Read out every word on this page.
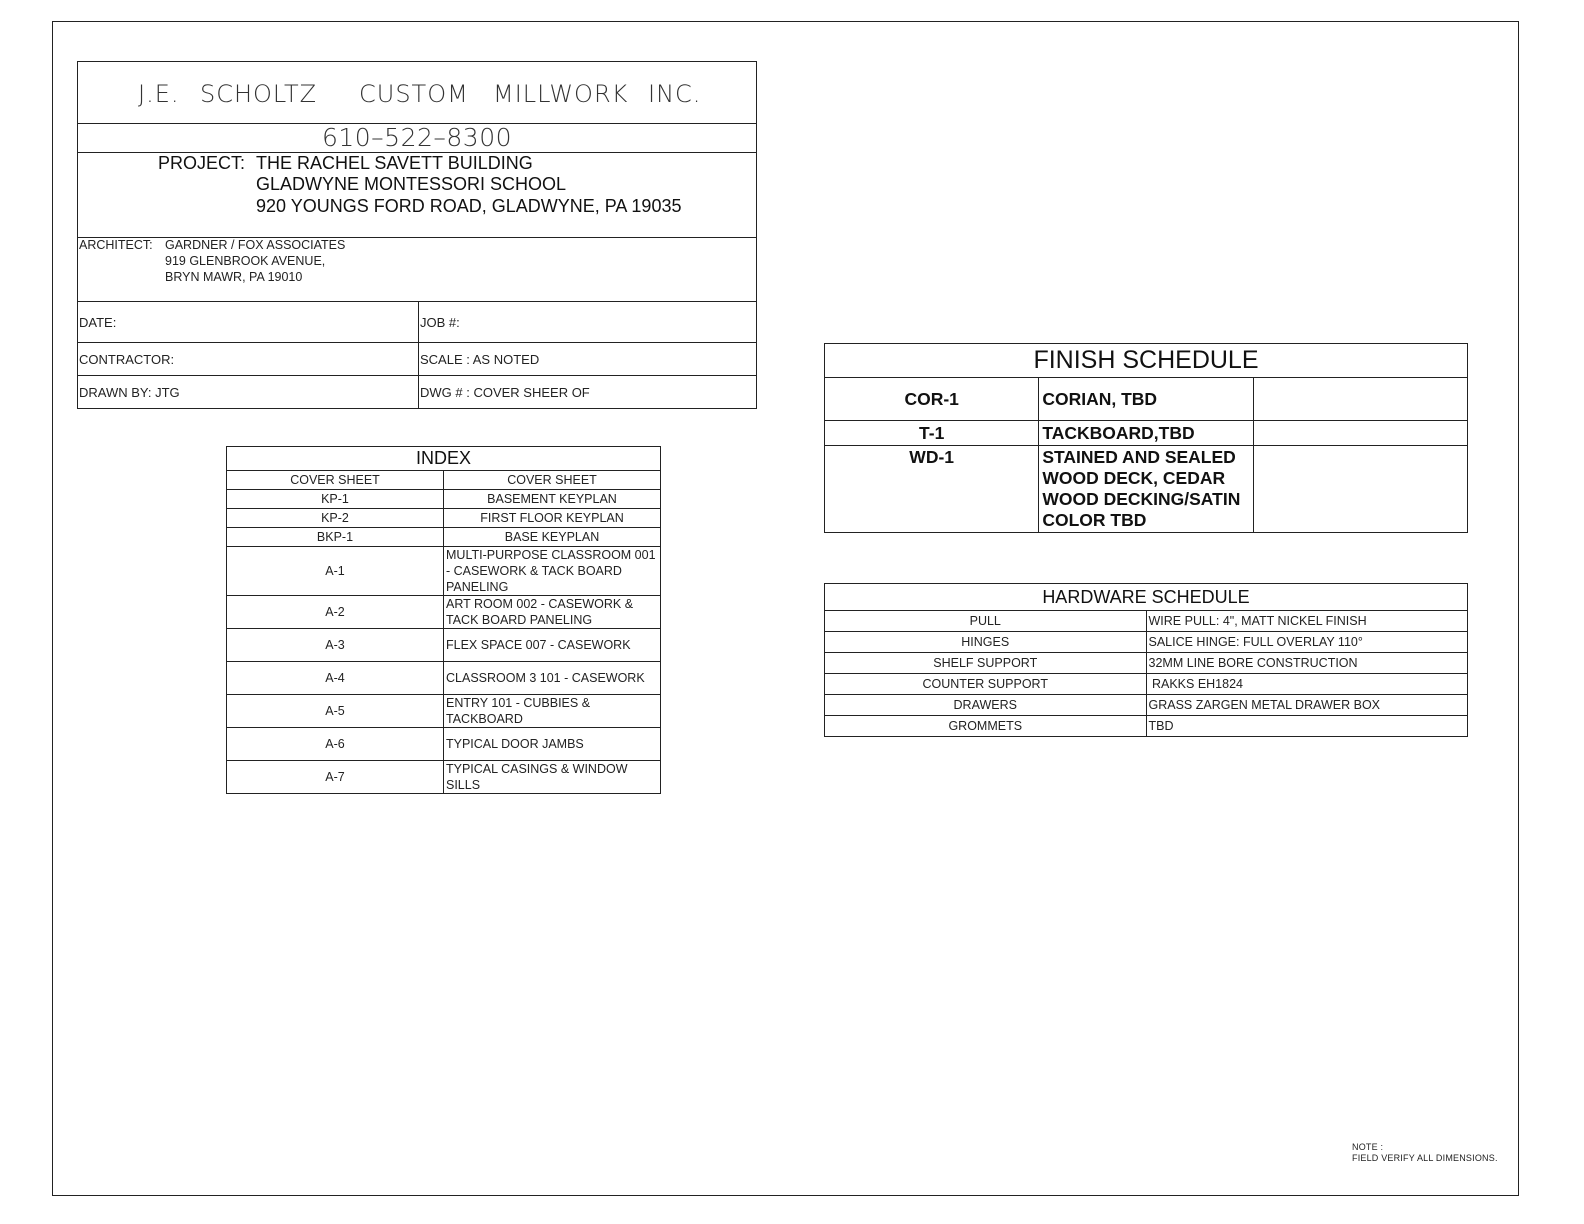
J.E. SCHOLTZ CUSTOM MILLWORK INC.
610–522–8300
PROJECT: THE RACHEL SAVETT BUILDING
GLADWYNE MONTESSORI SCHOOL
920 YOUNGS FORD ROAD, GLADWYNE, PA 19035
ARCHITECT: GARDNER / FOX ASSOCIATES
919 GLENBROOK AVENUE,
BRYN MAWR, PA 19010
DATE:	JOB #:
CONTRACTOR:	SCALE : AS NOTED
DRAWN BY: JTG	DWG # : COVER SHEER OF
INDEX	
COVER SHEET	COVER SHEET
KP-1	BASEMENT KEYPLAN
KP-2	FIRST FLOOR KEYPLAN
BKP-1	BASE KEYPLAN
A-1	MULTI-PURPOSE CLASSROOM 001 - CASEWORK & TACK BOARD PANELING
A-2	ART ROOM 002 - CASEWORK & TACK BOARD PANELING
A-3	FLEX SPACE 007 - CASEWORK
A-4	CLASSROOM 3 101 - CASEWORK
A-5	ENTRY 101 - CUBBIES & TACKBOARD
A-6	TYPICAL DOOR JAMBS
A-7	TYPICAL CASINGS & WINDOW SILLS
FINISH SCHEDULE		
COR-1	CORIAN, TBD	
T-1	TACKBOARD,TBD	
WD-1	STAINED AND SEALED WOOD DECK, CEDAR WOOD DECKING/SATIN COLOR TBD	
HARDWARE SCHEDULE	
PULL	WIRE PULL: 4", MATT NICKEL FINISH
HINGES	SALICE HINGE: FULL OVERLAY 110°
SHELF SUPPORT	32MM LINE BORE CONSTRUCTION
COUNTER SUPPORT	RAKKS EH1824
DRAWERS	GRASS ZARGEN METAL DRAWER BOX
GROMMETS	TBD
NOTE :
FIELD VERIFY ALL DIMENSIONS.
